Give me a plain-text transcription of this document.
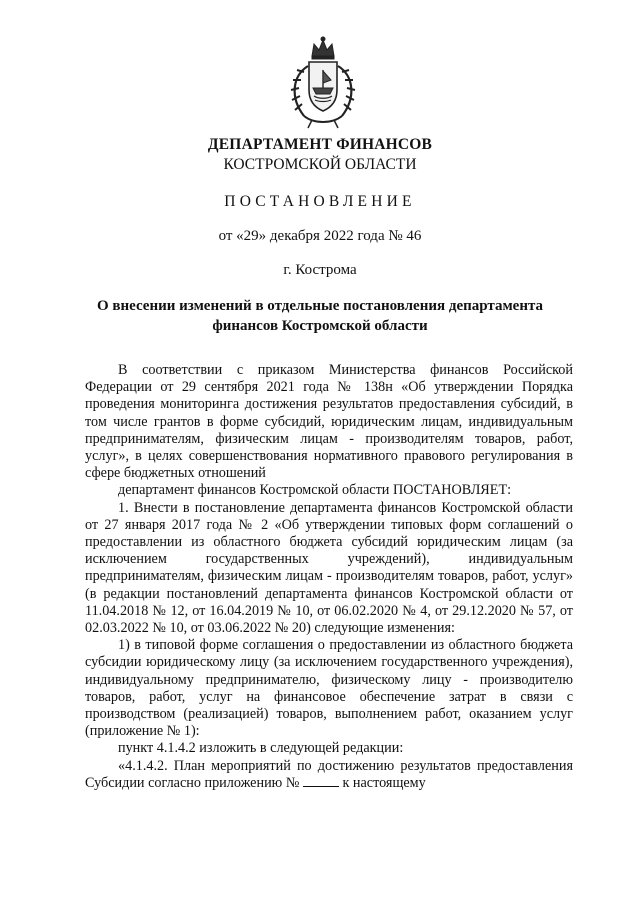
ДЕПАРТАМЕНТ ФИНАНСОВ
КОСТРОМСКОЙ ОБЛАСТИ
ПОСТАНОВЛЕНИЕ
от «29» декабря 2022 года № 46
г. Кострома
О внесении изменений в отдельные постановления департамента
финансов Костромской области

В соответствии с приказом Министерства финансов Российской Федерации от 29 сентября 2021 года № 138н «Об утверждении Порядка проведения мониторинга достижения результатов предоставления субсидий, в том числе грантов в форме субсидий, юридическим лицам, индивидуальным предпринимателям, физическим лицам - производителям товаров, работ, услуг», в целях совершенствования нормативного правового регулирования в сфере бюджетных отношений

департамент финансов Костромской области ПОСТАНОВЛЯЕТ:

1. Внести в постановление департамента финансов Костромской области от 27 января 2017 года № 2 «Об утверждении типовых форм соглашений о предоставлении из областного бюджета субсидий юридическим лицам (за исключением государственных учреждений), индивидуальным предпринимателям, физическим лицам - производителям товаров, работ, услуг» (в редакции постановлений департамента финансов Костромской области от 11.04.2018 № 12, от 16.04.2019 № 10, от 06.02.2020 № 4, от 29.12.2020 № 57, от 02.03.2022 № 10, от 03.06.2022 № 20) следующие изменения:

1) в типовой форме соглашения о предоставлении из областного бюджета субсидии юридическому лицу (за исключением государственного учреждения), индивидуальному предпринимателю, физическому лицу - производителю товаров, работ, услуг на финансовое обеспечение затрат в связи с производством (реализацией) товаров, выполнением работ, оказанием услуг (приложение № 1):

пункт 4.1.4.2 изложить в следующей редакции:

«4.1.4.2. План мероприятий по достижению результатов предоставления Субсидии согласно приложению №	к настоящему
